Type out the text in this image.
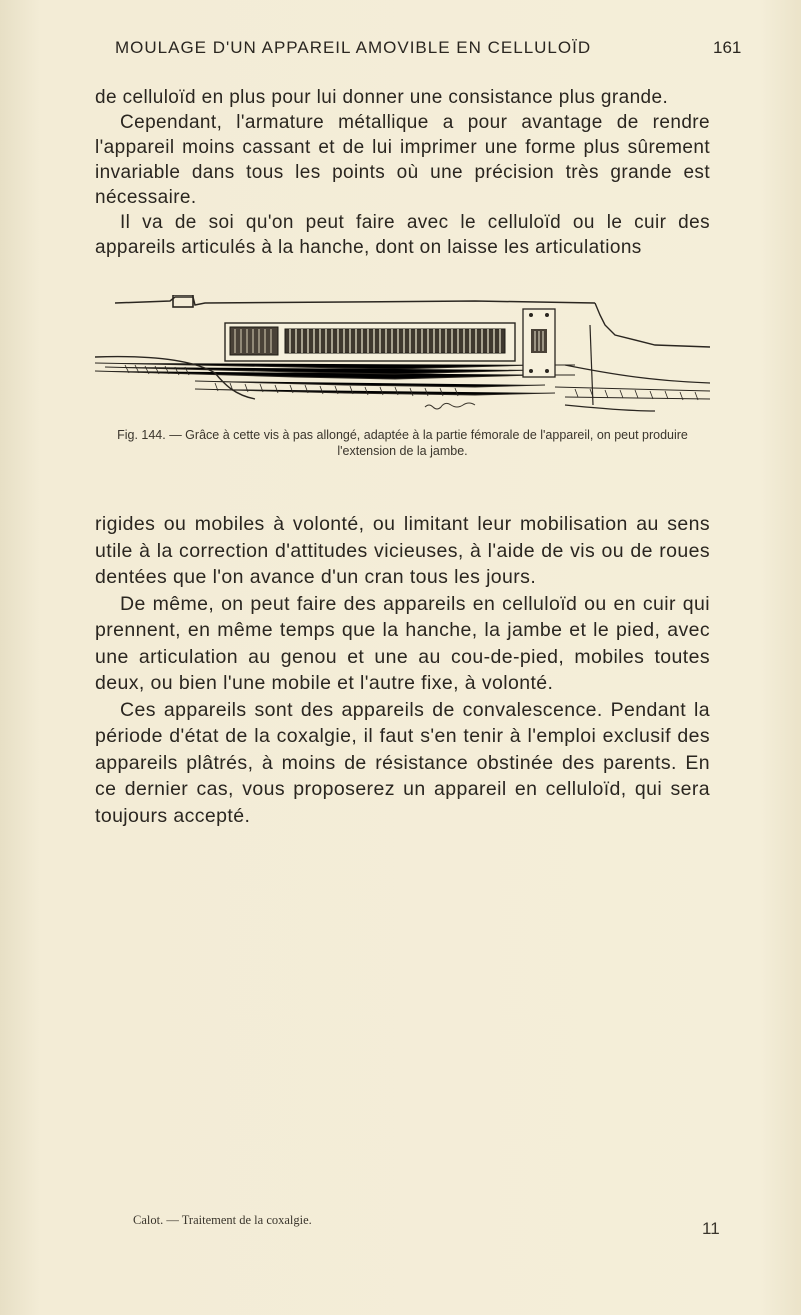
MOULAGE D'UN APPAREIL AMOVIBLE EN CELLULOÏD	161

de celluloïd en plus pour lui donner une consistance plus grande.

Cependant, l'armature métallique a pour avantage de rendre l'appareil moins cassant et de lui imprimer une forme plus sûrement invariable dans tous les points où une précision très grande est nécessaire.

Il va de soi qu'on peut faire avec le celluloïd ou le cuir des appareils articulés à la hanche, dont on laisse les articulations

Fig. 144. — Grâce à cette vis à pas allongé, adaptée à la partie fémorale de l'appareil, on peut produire l'extension de la jambe.

rigides ou mobiles à volonté, ou limitant leur mobilisation au sens utile à la correction d'attitudes vicieuses, à l'aide de vis ou de roues dentées que l'on avance d'un cran tous les jours.

De même, on peut faire des appareils en celluloïd ou en cuir qui prennent, en même temps que la hanche, la jambe et le pied, avec une articulation au genou et une au cou-de-pied, mobiles toutes deux, ou bien l'une mobile et l'autre fixe, à volonté.

Ces appareils sont des appareils de convalescence. Pendant la période d'état de la coxalgie, il faut s'en tenir à l'emploi exclusif des appareils plâtrés, à moins de résistance obstinée des parents. En ce dernier cas, vous proposerez un appareil en celluloïd, qui sera toujours accepté.

Calot. — Traitement de la coxalgie.	11
